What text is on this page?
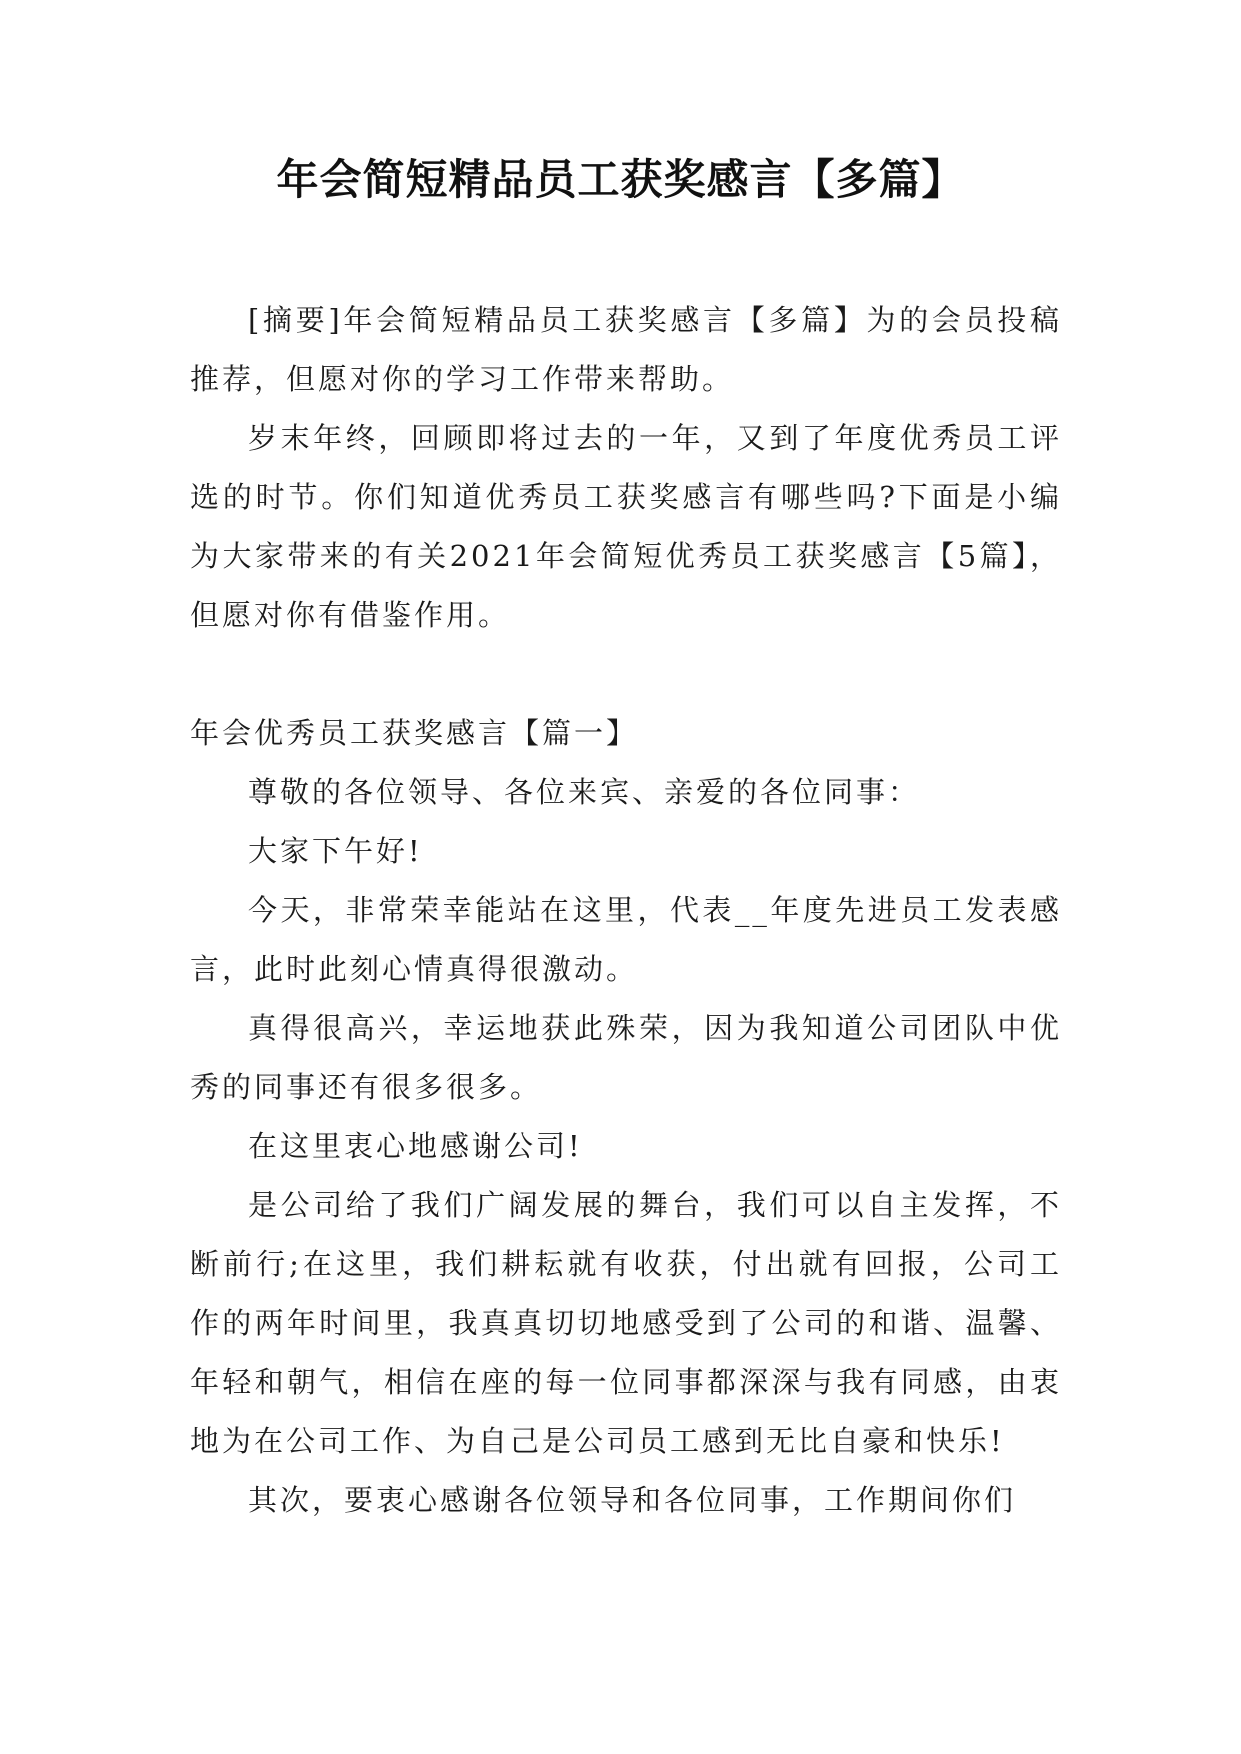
年会简短精品员工获奖感言【多篇】

[摘要]年会简短精品员工获奖感言【多篇】为的会员投稿推荐，但愿对你的学习工作带来帮助。

岁末年终，回顾即将过去的一年，又到了年度优秀员工评选的时节。你们知道优秀员工获奖感言有哪些吗?下面是小编为大家带来的有关2021年会简短优秀员工获奖感言【5篇】，但愿对你有借鉴作用。

年会优秀员工获奖感言【篇一】

尊敬的各位领导、各位来宾、亲爱的各位同事：

大家下午好!

今天，非常荣幸能站在这里，代表__年度先进员工发表感言，此时此刻心情真得很激动。

真得很高兴，幸运地获此殊荣，因为我知道公司团队中优秀的同事还有很多很多。

在这里衷心地感谢公司!

是公司给了我们广阔发展的舞台，我们可以自主发挥，不断前行;在这里，我们耕耘就有收获，付出就有回报，公司工作的两年时间里，我真真切切地感受到了公司的和谐、温馨、年轻和朝气，相信在座的每一位同事都深深与我有同感，由衷地为在公司工作、为自己是公司员工感到无比自豪和快乐!

其次，要衷心感谢各位领导和各位同事，工作期间你们
